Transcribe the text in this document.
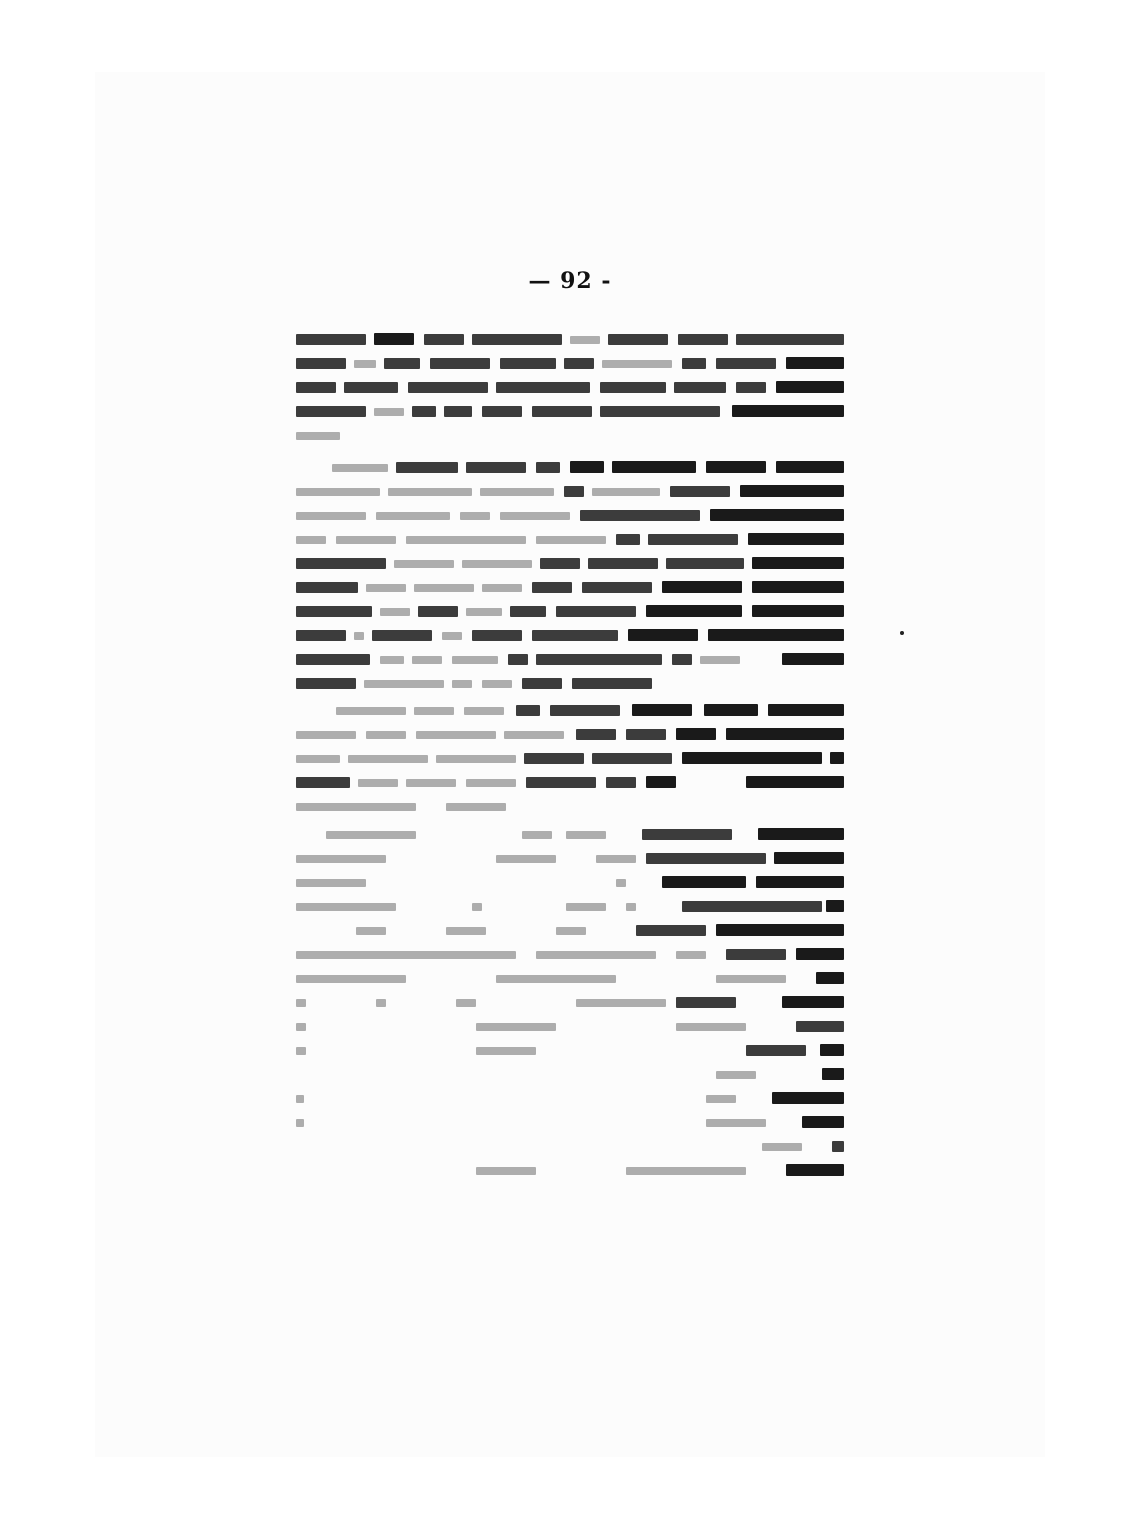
— 92 -
